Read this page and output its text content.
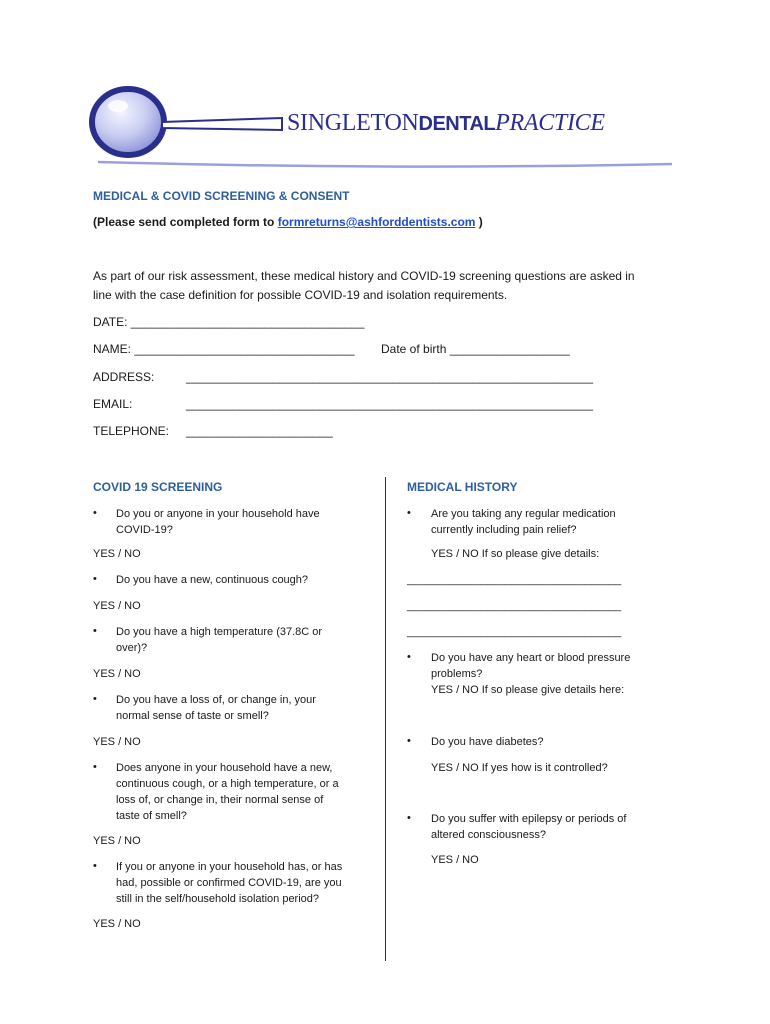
SINGLETONDENTALPRACTICE
MEDICAL & COVID SCREENING & CONSENT
(Please send completed form to formreturns@ashforddentists.com )
As part of our risk assessment, these medical history and COVID-19 screening questions are asked in
line with the case definition for possible COVID-19 and isolation requirements.
DATE: ___________________________________
NAME: _________________________________ Date of birth __________________
ADDRESS:	_____________________________________________________________
EMAIL:	_____________________________________________________________
TELEPHONE: ______________________
COVID 19 SCREENING
• Do you or anyone in your household have
COVID-19?
YES / NO
• Do you have a new, continuous cough?
YES / NO
• Do you have a high temperature (37.8C or
over)?
YES / NO
• Do you have a loss of, or change in, your
normal sense of taste or smell?
YES / NO
• Does anyone in your household have a new,
continuous cough, or a high temperature, or a
loss of, or change in, their normal sense of
taste of smell?
YES / NO
• If you or anyone in your household has, or has
had, possible or confirmed COVID-19, are you
still in the self/household isolation period?
YES / NO
MEDICAL HISTORY
• Are you taking any regular medication
currently including pain relief?
YES / NO If so please give details:
___________________________________
___________________________________
___________________________________
• Do you have any heart or blood pressure
problems?
YES / NO If so please give details here:
• Do you have diabetes?
YES / NO If yes how is it controlled?
• Do you suffer with epilepsy or periods of
altered consciousness?
YES / NO
